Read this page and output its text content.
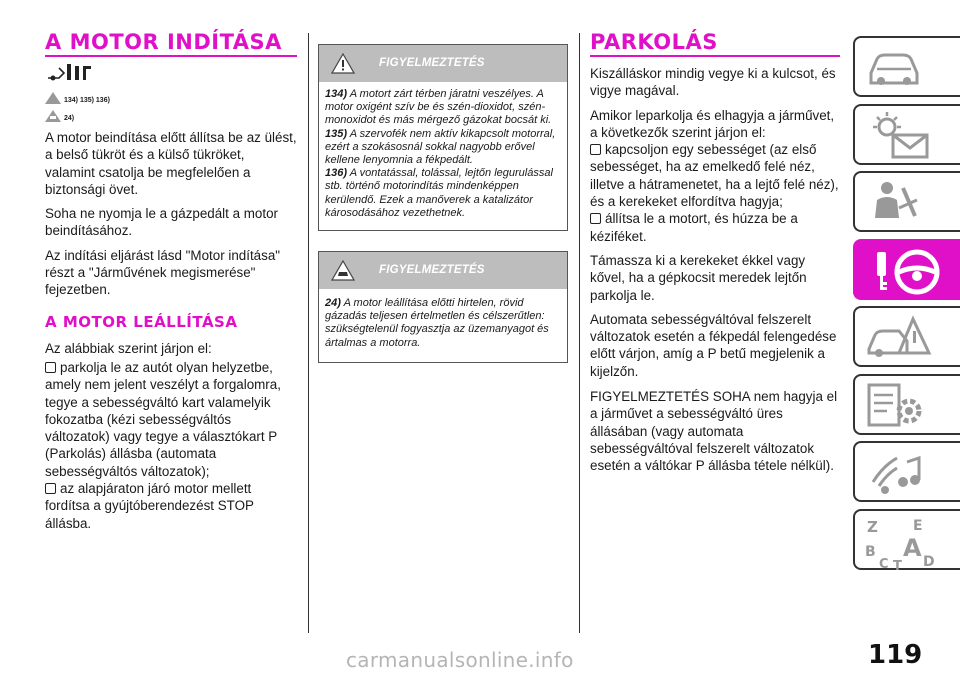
A MOTOR INDÍTÁSA
134) 135) 136)
24)

A motor beindítása előtt állítsa be az ülést, a belső tükröt és a külső tükröket, valamint csatolja be megfelelően a biztonsági övet.

Soha ne nyomja le a gázpedált a motor beindításához.

Az indítási eljárást lásd "Motor indítása" részt a "Járművének megismerése" fejezetben.

A MOTOR LEÁLLÍTÁSA

Az alábbiak szerint járjon el:

parkolja le az autót olyan helyzetbe, amely nem jelent veszélyt a forgalomra, tegye a sebességváltó kart valamelyik fokozatba (kézi sebességváltós változatok) vagy tegye a választókart P (Parkolás) állásba (automata sebességváltós változatok);

az alapjáraton járó motor mellett fordítsa a gyújtóberendezést STOP állásba.

FIGYELMEZTETÉS
134) A motort zárt térben járatni veszélyes. A motor oxigént szív be és szén-dioxidot, szén-monoxidot és más mérgező gázokat bocsát ki.
135) A szervofék nem aktív kikapcsolt motorral, ezért a szokásosnál sokkal nagyobb erővel kellene lenyomnia a fékpedált.
136) A vontatással, tolással, lejtőn legurulással stb. történő motorindítás mindenképpen kerülendő. Ezek a manőverek a katalizátor károsodásához vezethetnek.
FIGYELMEZTETÉS
24) A motor leállítása előtti hirtelen, rövid gázadás teljesen értelmetlen és célszerűtlen: szükségtelenül fogyasztja az üzemanyagot és ártalmas a motorra.
PARKOLÁS

Kiszálláskor mindig vegye ki a kulcsot, és vigye magával.

Amikor leparkolja és elhagyja a járművet, a következők szerint járjon el:

kapcsoljon egy sebességet (az első sebességet, ha az emelkedő felé néz, illetve a hátramenetet, ha a lejtő felé néz), és a kerekeket elfordítva hagyja;

állítsa le a motort, és húzza be a kéziféket.

Támassza ki a kerekeket ékkel vagy kővel, ha a gépkocsit meredek lejtőn parkolja le.

Automata sebességváltóval felszerelt változatok esetén a fékpedál felengedése előtt várjon, amíg a P betű megjelenik a kijelzőn.

FIGYELMEZTETÉS SOHA nem hagyja el a járművet a sebességváltó üres állásában (vagy automata sebességváltóval felszerelt változatok esetén a váltókar P állásba tétele nélkül).

Z	E
B A
C T D
119
carmanualsonline.info
